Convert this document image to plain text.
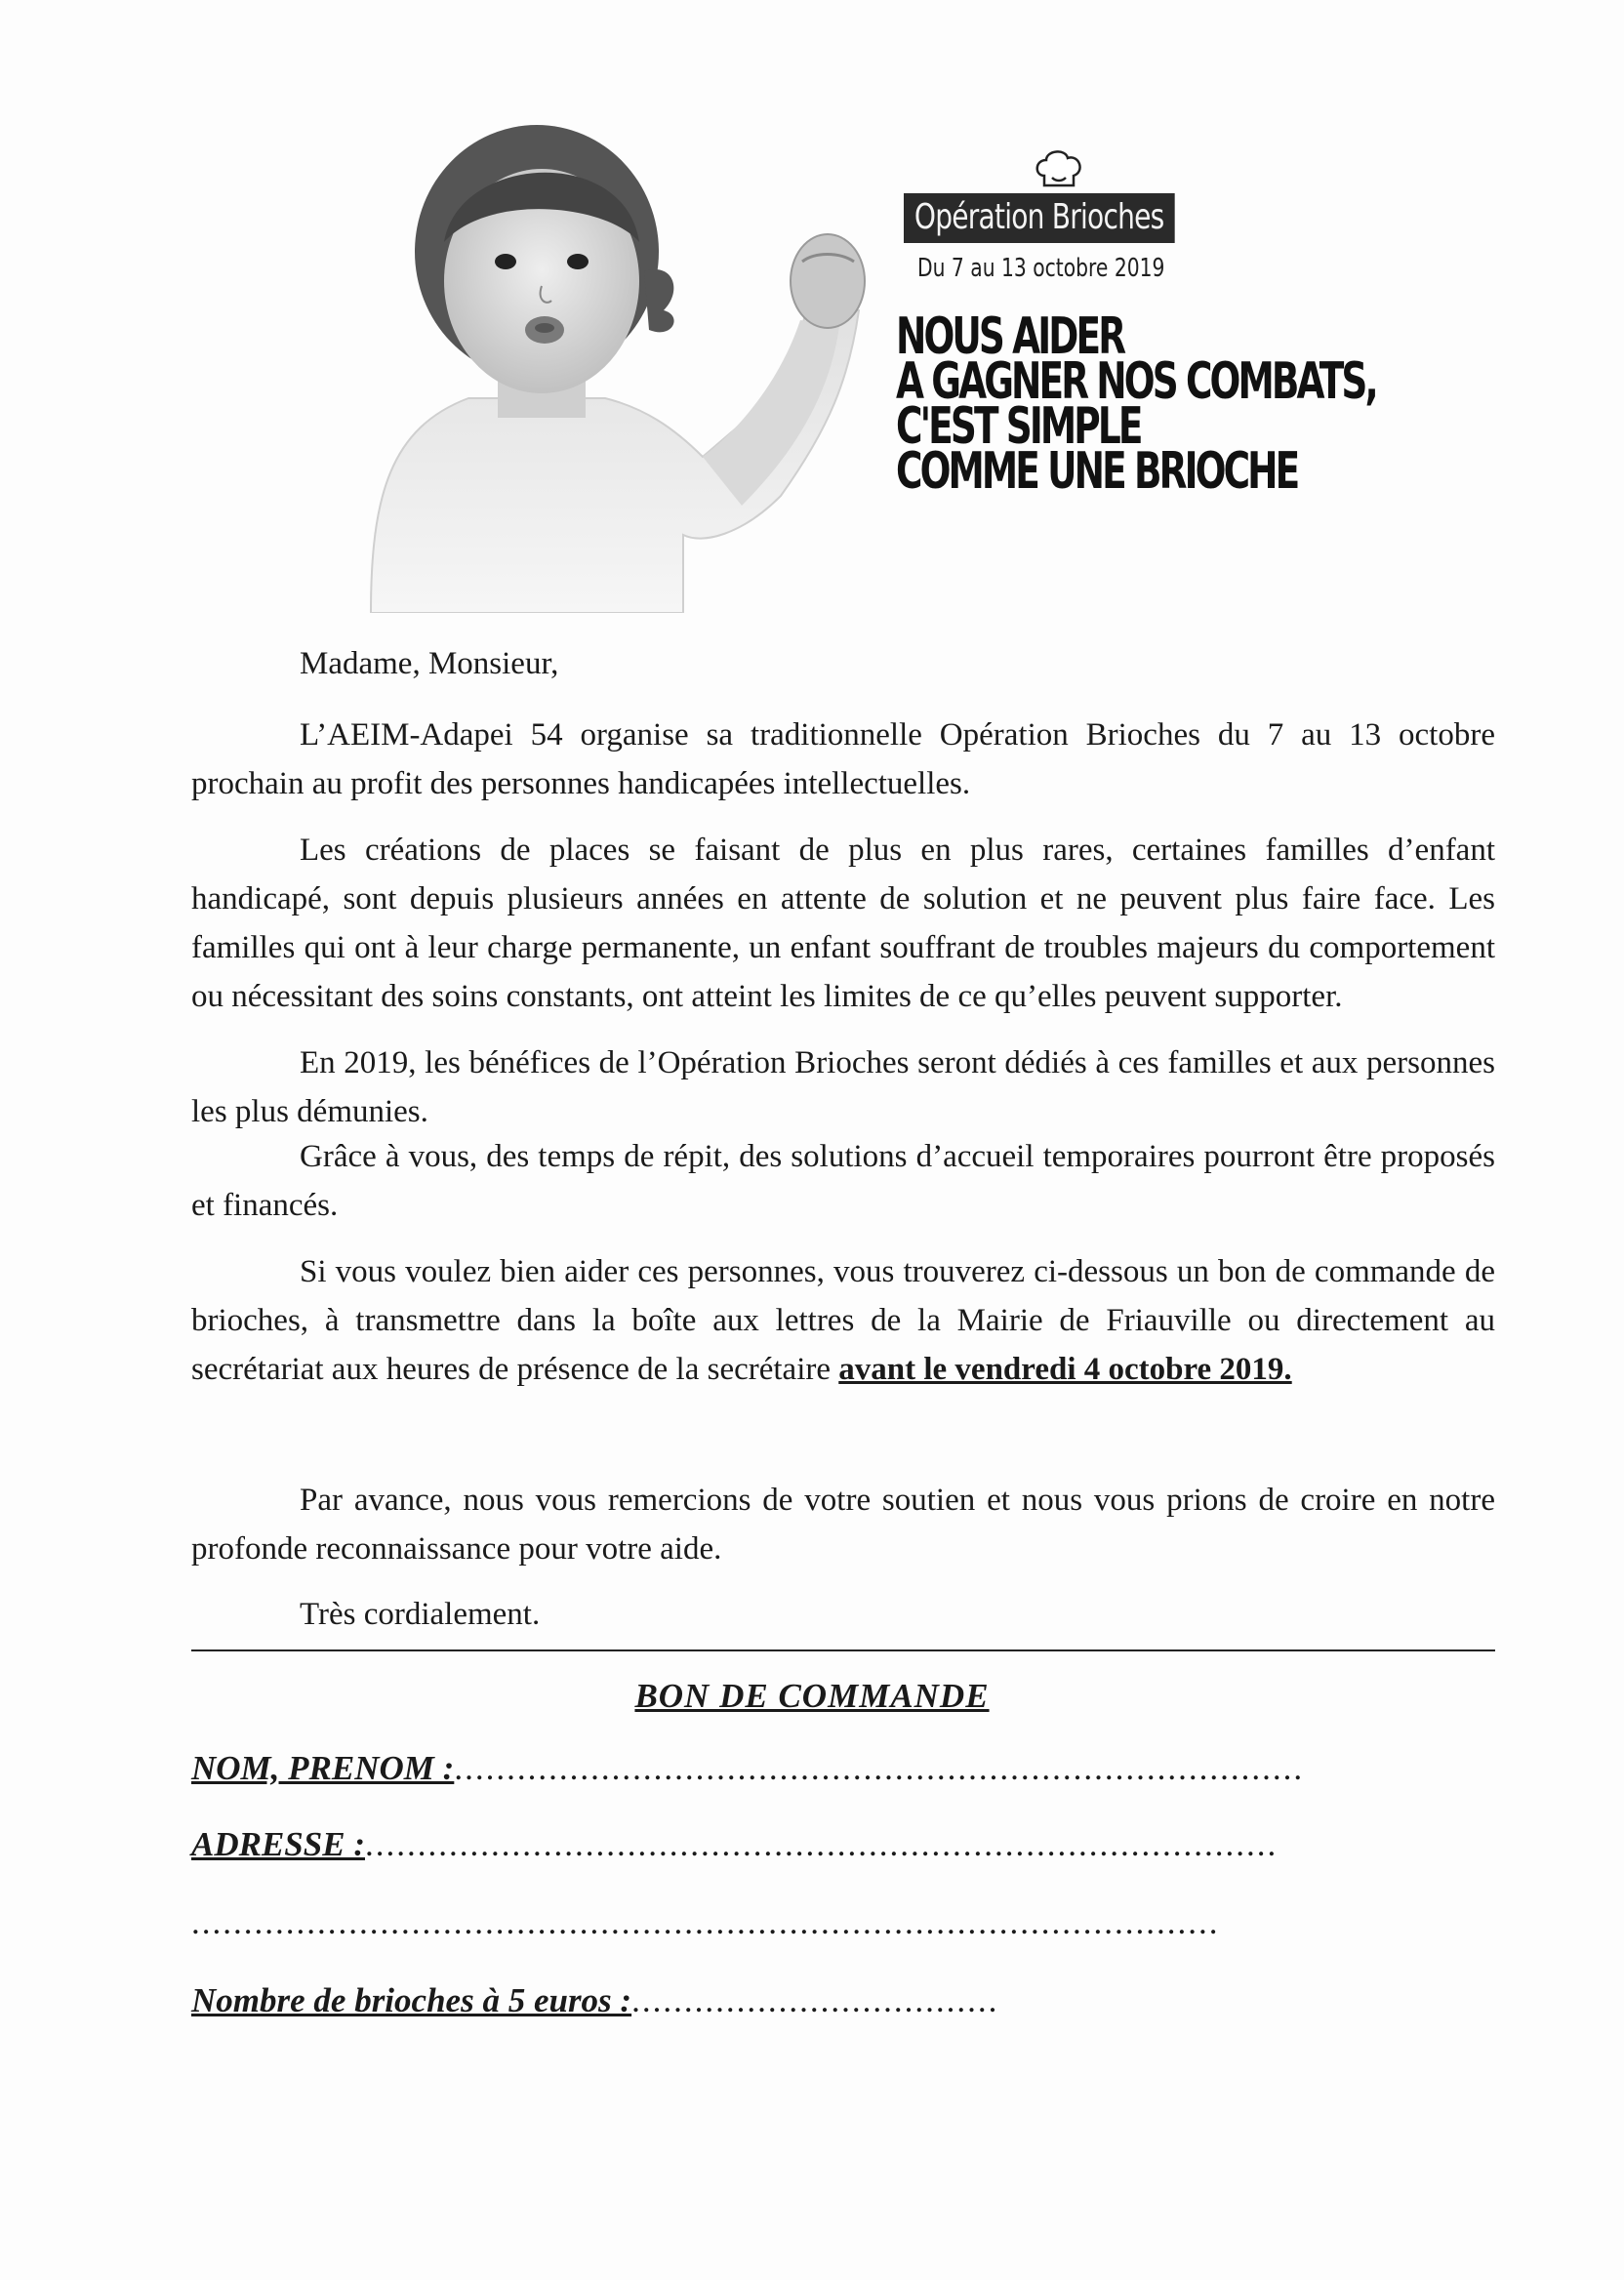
Opération Brioches
Du 7 au 13 octobre 2019
NOUS AIDER
A GAGNER NOS COMBATS,
C'EST SIMPLE
COMME UNE BRIOCHE
Madame, Monsieur,
L’AEIM-Adapei 54 organise sa traditionnelle Opération Brioches du 7 au 13 octobre prochain au profit des personnes handicapées intellectuelles.
Les créations de places se faisant de plus en plus rares, certaines familles d’enfant handicapé, sont depuis plusieurs années en attente de solution et ne peuvent plus faire face. Les familles qui ont à leur charge permanente, un enfant souffrant de troubles majeurs du comportement ou nécessitant des soins constants, ont atteint les limites de ce qu’elles peuvent supporter.
En 2019, les bénéfices de l’Opération Brioches seront dédiés à ces familles et aux personnes les plus démunies.
Grâce à vous, des temps de répit, des solutions d’accueil temporaires pourront être proposés et financés.
Si vous voulez bien aider ces personnes, vous trouverez ci-dessous un bon de commande de brioches, à transmettre dans la boîte aux lettres de la Mairie de Friauville ou directement au secrétariat aux heures de présence de la secrétaire avant le vendredi 4 octobre 2019.
Par avance, nous vous remercions de votre soutien et nous vous prions de croire en notre profonde reconnaissance pour votre aide.
Très cordialement.
BON DE COMMANDE
NOM, PRENOM :.................................................................................
ADRESSE :.......................................................................................
..................................................................................................
Nombre de brioches à 5 euros :...................................
